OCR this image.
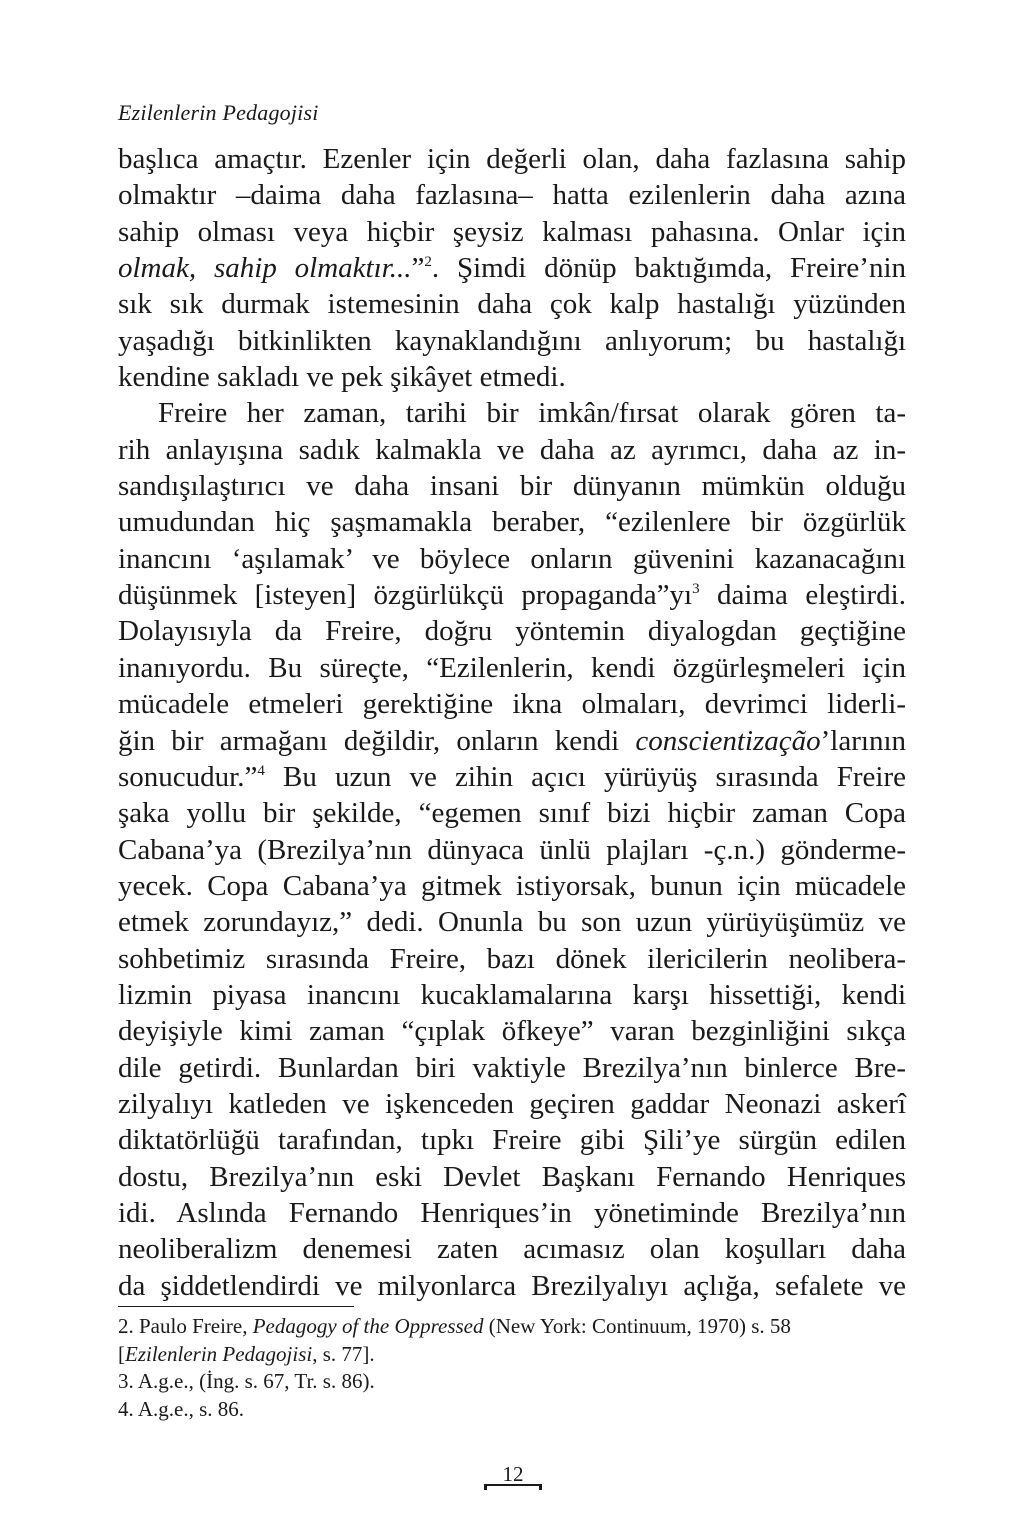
Ezilenlerin Pedagojisi
başlıca amaçtır. Ezenler için değerli olan, daha fazlasına sahip
olmaktır –daima daha fazlasına– hatta ezilenlerin daha azına
sahip olması veya hiçbir şeysiz kalması pahasına. Onlar için
olmak, sahip olmaktır...”$^2$. Şimdi dönüp baktığımda, Freire’nin
sık sık durmak istemesinin daha çok kalp hastalığı yüzünden
yaşadığı bitkinlikten kaynaklandığını anlıyorum; bu hastalığı
kendine sakladı ve pek şikâyet etmedi.
Freire her zaman, tarihi bir imkân/fırsat olarak gören ta-
rih anlayışına sadık kalmakla ve daha az ayrımcı, daha az in-
sandışılaştırıcı ve daha insani bir dünyanın mümkün olduğu
umudundan hiç şaşmamakla beraber, “ezilenlere bir özgürlük
inancını ‘aşılamak’ ve böylece onların güvenini kazanacağını
düşünmek [isteyen] özgürlükçü $propaganda”yı^3$ daima eleştirdi.
Dolayısıyla da Freire, doğru yöntemin diyalogdan geçtiğine
inanıyordu. Bu süreçte, “Ezilenlerin, kendi özgürleşmeleri için
mücadele etmeleri gerektiğine ikna olmaları, devrimci liderli-
ğin bir armağanı değildir, onların kendi conscientização’larının
sonucudur.”$^4$ Bu uzun ve zihin açıcı yürüyüş sırasında Freire
şaka yollu bir şekilde, “egemen sınıf bizi hiçbir zaman Copa
Cabana’ya (Brezilya’nın dünyaca ünlü plajları -ç.n.) gönderme-
yecek. Copa Cabana’ya gitmek istiyorsak, bunun için mücadele
etmek zorundayız,” dedi. Onunla bu son uzun yürüyüşümüz ve
sohbetimiz sırasında Freire, bazı dönek ilericilerin neolibera-
lizmin piyasa inancını kucaklamalarına karşı hissettiği, kendi
deyişiyle kimi zaman “çıplak öfkeye” varan bezginliğini sıkça
dile getirdi. Bunlardan biri vaktiyle Brezilya’nın binlerce Bre-
zilyalıyı katleden ve işkenceden geçiren gaddar Neonazi askerî
diktatörlüğü tarafından, tıpkı Freire gibi Şili’ye sürgün edilen
dostu, Brezilya’nın eski Devlet Başkanı Fernando Henriques
idi. Aslında Fernando Henriques’in yönetiminde Brezilya’nın
neoliberalizm denemesi zaten acımasız olan koşulları daha
da şiddetlendirdi ve milyonlarca Brezilyalıyı açlığa, sefalete ve
2. Paulo Freire, Pedagogy of the Oppressed (New York: Continuum, 1970) s. 58
[Ezilenlerin Pedagojisi, s. 77].
3. A.g.e., (İng. s. 67, Tr. s. 86).
4. A.g.e., s. 86.
12
